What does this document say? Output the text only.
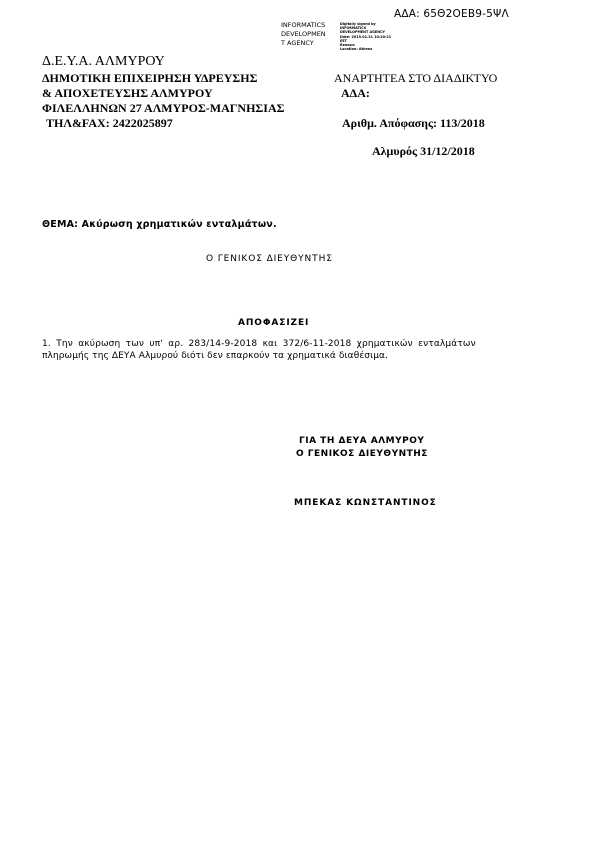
ΑΔΑ: 65Θ2ΟΕΒ9-5ΨΛ
INFORMATICS
DEVELOPMEN
T AGENCY
Digitally signed by
INFORMATICS
DEVELOPMENT AGENCY
Date: 2019.01.31 10:20:21
EET
Reason:
Location: Athens
Δ.Ε.Υ.Α. ΑΛΜΥΡΟΥ
ΔΗΜΟΤΙΚΗ ΕΠΙΧΕΙΡΗΣΗ ΥΔΡΕΥΣΗΣ
& ΑΠΟΧΕΤΕΥΣΗΣ ΑΛΜΥΡΟΥ
ΦΙΛΕΛΛΗΝΩΝ 27 ΑΛΜΥΡΟΣ-ΜΑΓΝΗΣΙΑΣ
ΤΗΛ&FAX: 2422025897
ΑΝΑΡΤΗΤΕΑ ΣΤΟ ΔΙΑΔΙΚΤΥΟ
ΑΔΑ:
Αριθμ. Απόφασης: 113/2018
Αλμυρός 31/12/2018
ΘΕΜΑ: Ακύρωση χρηματικών ενταλμάτων.
Ο ΓΕΝΙΚΟΣ ΔΙΕΥΘΥΝΤΗΣ
ΑΠΟΦΑΣΙΖΕΙ
1. Την ακύρωση των υπ' αρ. 283/14-9-2018 και 372/6-11-2018 χρηματικών ενταλμάτων
πληρωμής της ΔΕΥΑ Αλμυρού διότι δεν επαρκούν τα χρηματικά διαθέσιμα.
ΓΙΑ ΤΗ ΔΕΥΑ ΑΛΜΥΡΟΥ
Ο ΓΕΝΙΚΟΣ ΔΙΕΥΘΥΝΤΗΣ
ΜΠΕΚΑΣ ΚΩΝΣΤΑΝΤΙΝΟΣ
